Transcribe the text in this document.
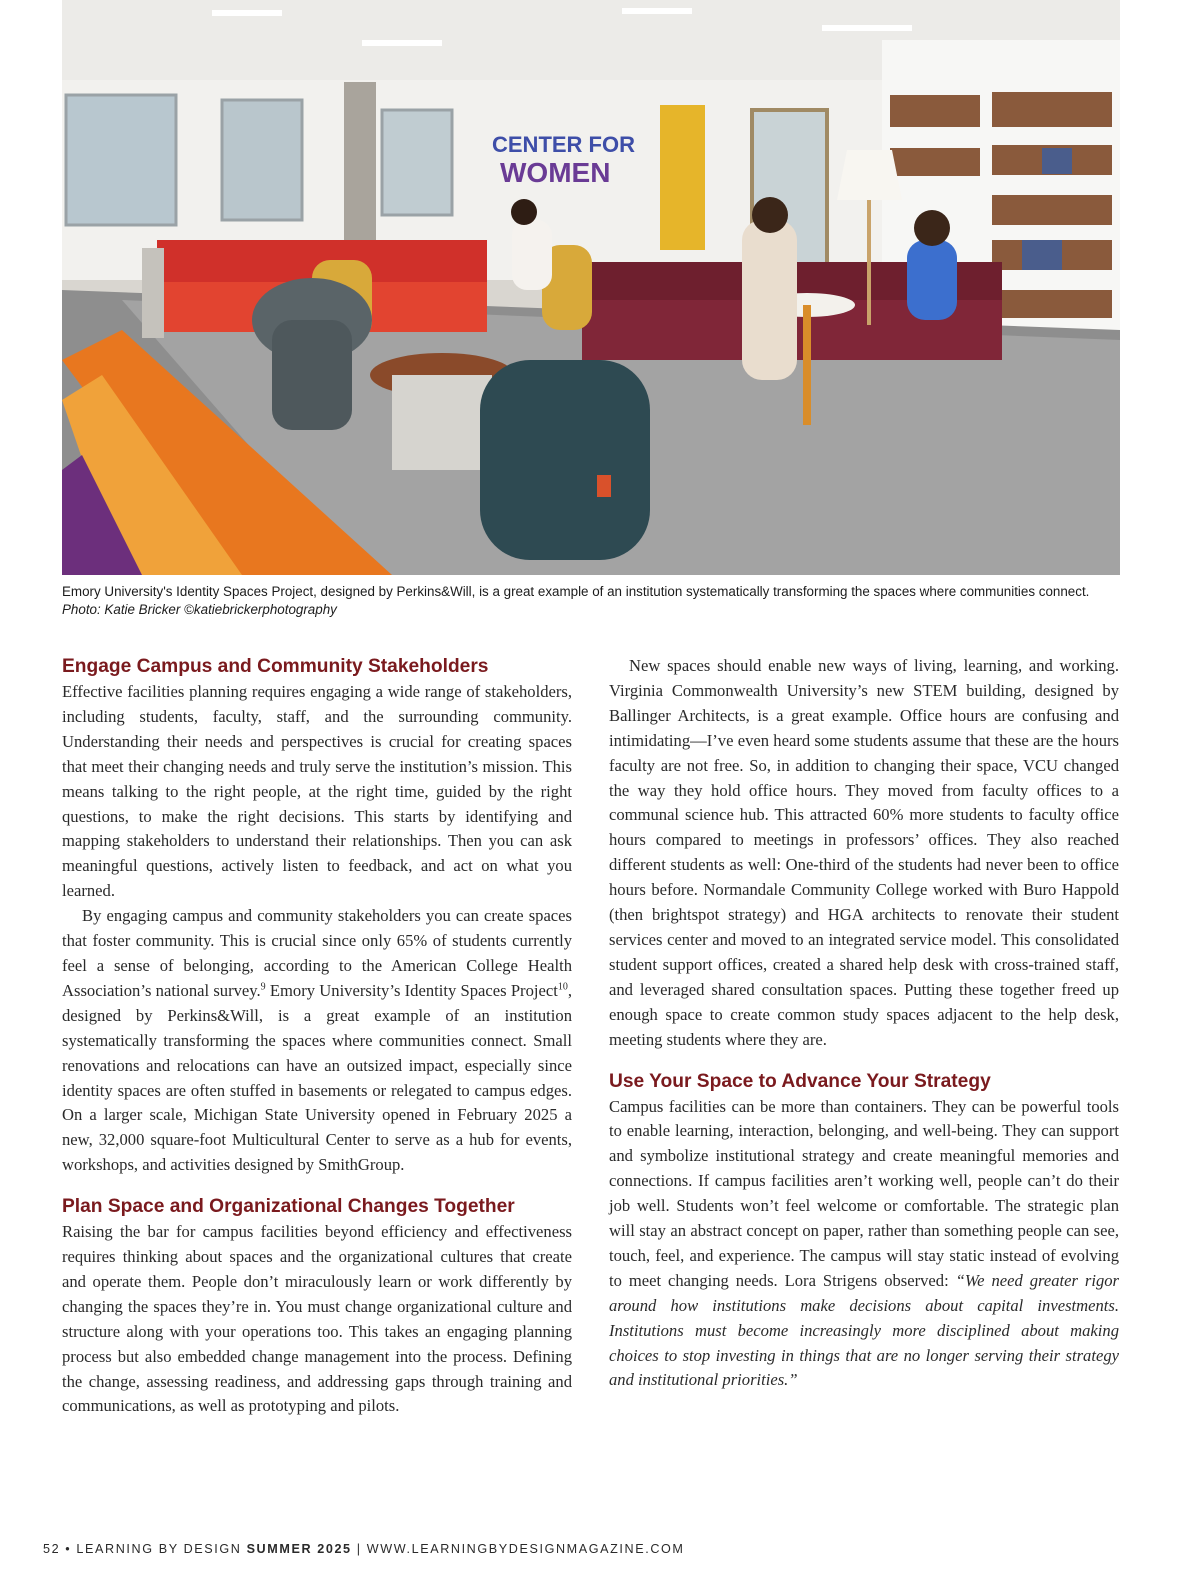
CENTER FOR
WOMEN
Emory University's Identity Spaces Project, designed by Perkins&Will, is a great example of an institution systematically transforming the spaces where communities connect.
Photo: Katie Bricker ©katiebrickerphotography
Engage Campus and Community Stakeholders

Effective facilities planning requires engaging a wide range of stakeholders, including students, faculty, staff, and the surrounding community. Understanding their needs and perspectives is crucial for creating spaces that meet their changing needs and truly serve the institution’s mission. This means talking to the right people, at the right time, guided by the right questions, to make the right decisions. This starts by identifying and mapping stakeholders to understand their relationships. Then you can ask meaningful questions, actively listen to feedback, and act on what you learned.

By engaging campus and community stakeholders you can create spaces that foster community. This is crucial since only 65% of students currently feel a sense of belonging, according to the American College Health Association’s national survey.$^9$ Emory University’s Identity Spaces Project$^{10}$, designed by Perkins&Will, is a great example of an institution systematically transforming the spaces where communities connect. Small renovations and relocations can have an outsized impact, especially since identity spaces are often stuffed in basements or relegated to campus edges. On a larger scale, Michigan State University opened in February 2025 a new, 32,000 square-foot Multicultural Center to serve as a hub for events, workshops, and activities designed by SmithGroup.

Plan Space and Organizational Changes Together

Raising the bar for campus facilities beyond efficiency and effectiveness requires thinking about spaces and the organizational cultures that create and operate them. People don’t miraculously learn or work differently by changing the spaces they’re in. You must change organizational culture and structure along with your operations too. This takes an engaging planning process but also embedded change management into the process. Defining the change, assessing readiness, and addressing gaps through training and communications, as well as prototyping and pilots.

New spaces should enable new ways of living, learning, and working. Virginia Commonwealth University’s new STEM building, designed by Ballinger Architects, is a great example. Office hours are confusing and intimidating—I’ve even heard some students assume that these are the hours faculty are not free. So, in addition to changing their space, VCU changed the way they hold office hours. They moved from faculty offices to a communal science hub. This attracted 60% more students to faculty office hours compared to meetings in professors’ offices. They also reached different students as well: One-third of the students had never been to office hours before. Normandale Community College worked with Buro Happold (then brightspot strategy) and HGA architects to renovate their student services center and moved to an integrated service model. This consolidated student support offices, created a shared help desk with cross-trained staff, and leveraged shared consultation spaces. Putting these together freed up enough space to create common study spaces adjacent to the help desk, meeting students where they are.

Use Your Space to Advance Your Strategy

Campus facilities can be more than containers. They can be powerful tools to enable learning, interaction, belonging, and well-being. They can support and symbolize institutional strategy and create meaningful memories and connections. If campus facilities aren’t working well, people can’t do their job well. Students won’t feel welcome or comfortable. The strategic plan will stay an abstract concept on paper, rather than something people can see, touch, feel, and experience. The campus will stay static instead of evolving to meet changing needs. Lora Strigens observed: “We need greater rigor around how institutions make decisions about capital investments. Institutions must become increasingly more disciplined about making choices to stop investing in things that are no longer serving their strategy and institutional priorities.”

52 • LEARNING BY DESIGN SUMMER 2025 | WWW.LEARNINGBYDESIGNMAGAZINE.COM
